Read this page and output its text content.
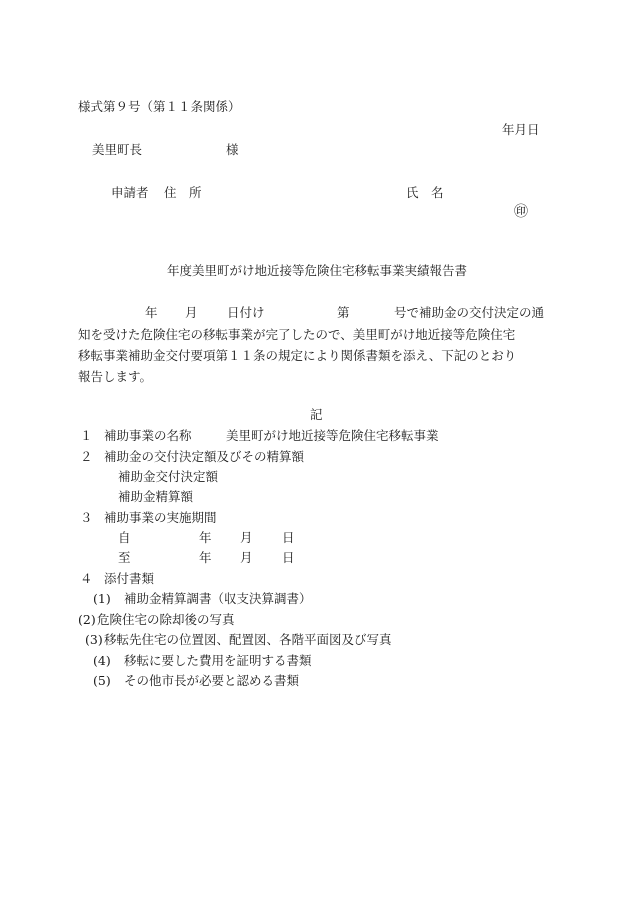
様式第９号（第１１条関係）
年月日
美里町長	様
申請者 住　所	氏　名
㊞
年度美里町がけ地近接等危険住宅移転事業実績報告書
年 月 日付け	第	号で補助金の交付決定の通
知を受けた危険住宅の移転事業が完了したので、美里町がけ地近接等危険住宅
移転事業補助金交付要項第１１条の規定により関係書類を添え、下記のとおり
報告します。
記
１ 補助事業の名称	美里町がけ地近接等危険住宅移転事業
２ 補助金の交付決定額及びその精算額
補助金交付決定額
補助金精算額
３ 補助事業の実施期間
自	年 月 日
至	年 月 日
４ 添付書類
(1) 補助金精算調書（収支決算調書）
(2) 危険住宅の除却後の写真
(3) 移転先住宅の位置図、配置図、各階平面図及び写真
(4) 移転に要した費用を証明する書類
(5) その他市長が必要と認める書類
